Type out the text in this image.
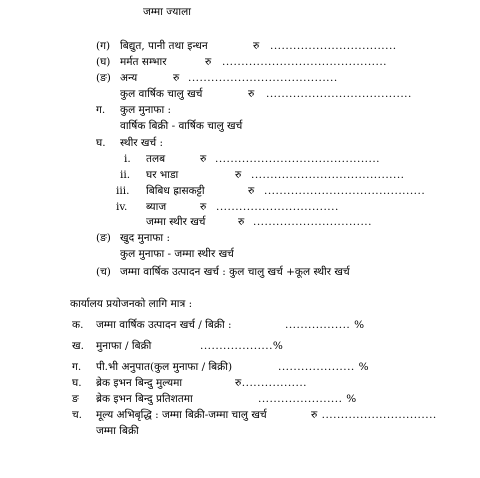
जम्मा ज्याला
(ग) बिद्युत, पानी तथा इन्धन	रु .................................
(घ) मर्मत सम्भार	रु ...........................................
(ङ) अन्य	रु .......................................
कुल वार्षिक चालु खर्च	रु ......................................
ग. कुल मुनाफा :
वार्षिक बिक्री - वार्षिक चालु खर्च
घ. स्थीर खर्च :
i. तलब	रु ...........................................
ii. घर भाडा	रु ........................................
iii. बिबिध ह्रासकट्टी	रु ..........................................
iv. ब्याज	रु ................................
जम्मा स्थीर खर्च	रु ...............................
(ङ) खुद मुनाफा :
कुल मुनाफा - जम्मा स्थीर खर्च
(च) जम्मा वार्षिक उत्पादन खर्च : कुल चालु खर्च +कूल स्थीर खर्च
कार्यालय प्रयोजनको लागि मात्र :
क. जम्मा वार्षिक उत्पादन खर्च / बिक्री :	................. %
ख. मुनाफा / बिक्री	...................%
ग. पी.भी अनुपात(कुल मुनाफा / बिक्री)	.................... %
घ. ब्रेक इभन बिन्दु मुल्यमा	रु.................
ङ ब्रेक इभन बिन्दु प्रतिशतमा	...................... %
च. मूल्य अभिबृद्धि : जम्मा बिक्री-जम्मा चालु खर्च	रु ..............................
जम्मा बिक्री
